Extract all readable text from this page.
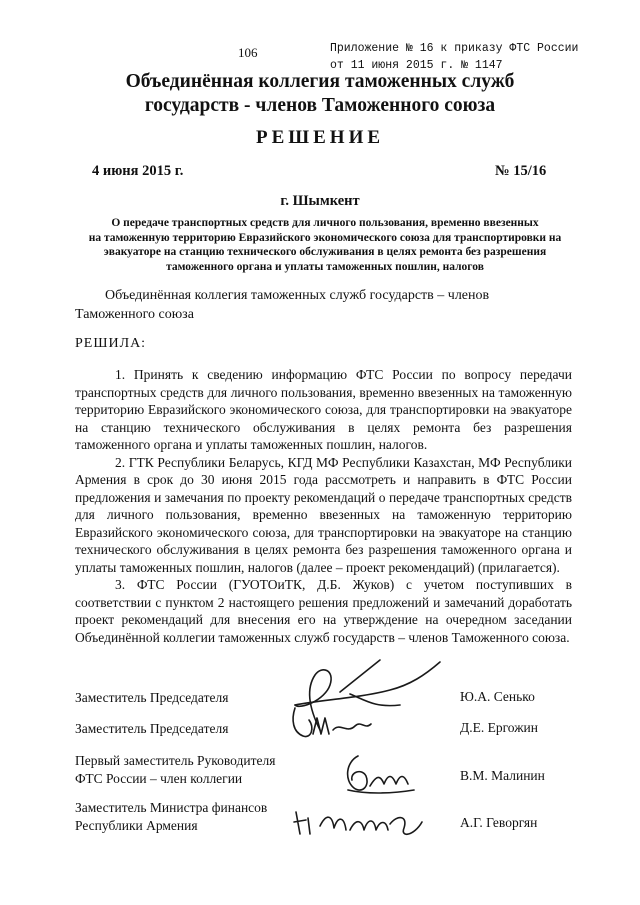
106	Приложение № 16 к приказу ФТС России
от 11 июня 2015 г. № 1147
Объединённая коллегия таможенных служб
государств - членов Таможенного союза
РЕШЕНИЕ
4 июня 2015 г.	№ 15/16
г. Шымкент
О передаче транспортных средств для личного пользования, временно ввезенных
на таможенную территорию Евразийского экономического союза для транспортировки на
эвакуаторе на станцию технического обслуживания в целях ремонта без разрешения
таможенного органа и уплаты таможенных пошлин, налогов
Объединённая коллегия таможенных служб государств – членов
Таможенного союза
РЕШИЛА:

1. Принять к сведению информацию ФТС России по вопросу передачи транспортных средств для личного пользования, временно ввезенных на таможенную территорию Евразийского экономического союза, для транспортировки на эвакуаторе на станцию технического обслуживания в целях ремонта без разрешения таможенного органа и уплаты таможенных пошлин, налогов.

2. ГТК Республики Беларусь, КГД МФ Республики Казахстан, МФ Республики Армения в срок до 30 июня 2015 года рассмотреть и направить в ФТС России предложения и замечания по проекту рекомендаций о передаче транспортных средств для личного пользования, временно ввезенных на таможенную территорию Евразийского экономического союза, для транспортировки на эвакуаторе на станцию технического обслуживания в целях ремонта без разрешения таможенного органа и уплаты таможенных пошлин, налогов (далее – проект рекомендаций) (прилагается).

3. ФТС России (ГУОТОиТК, Д.Б. Жуков) с учетом поступивших в соответствии с пунктом 2 настоящего решения предложений и замечаний доработать проект рекомендаций для внесения его на утверждение на очередном заседании Объединённой коллегии таможенных служб государств – членов Таможенного союза.

Заместитель Председателя	Ю.А. Сенько
Заместитель Председателя	Д.Е. Ергожин
Первый заместитель Руководителя
ФТС России – член коллегии	В.М. Малинин
Заместитель Министра финансов
Республики Армения	А.Г. Геворгян
